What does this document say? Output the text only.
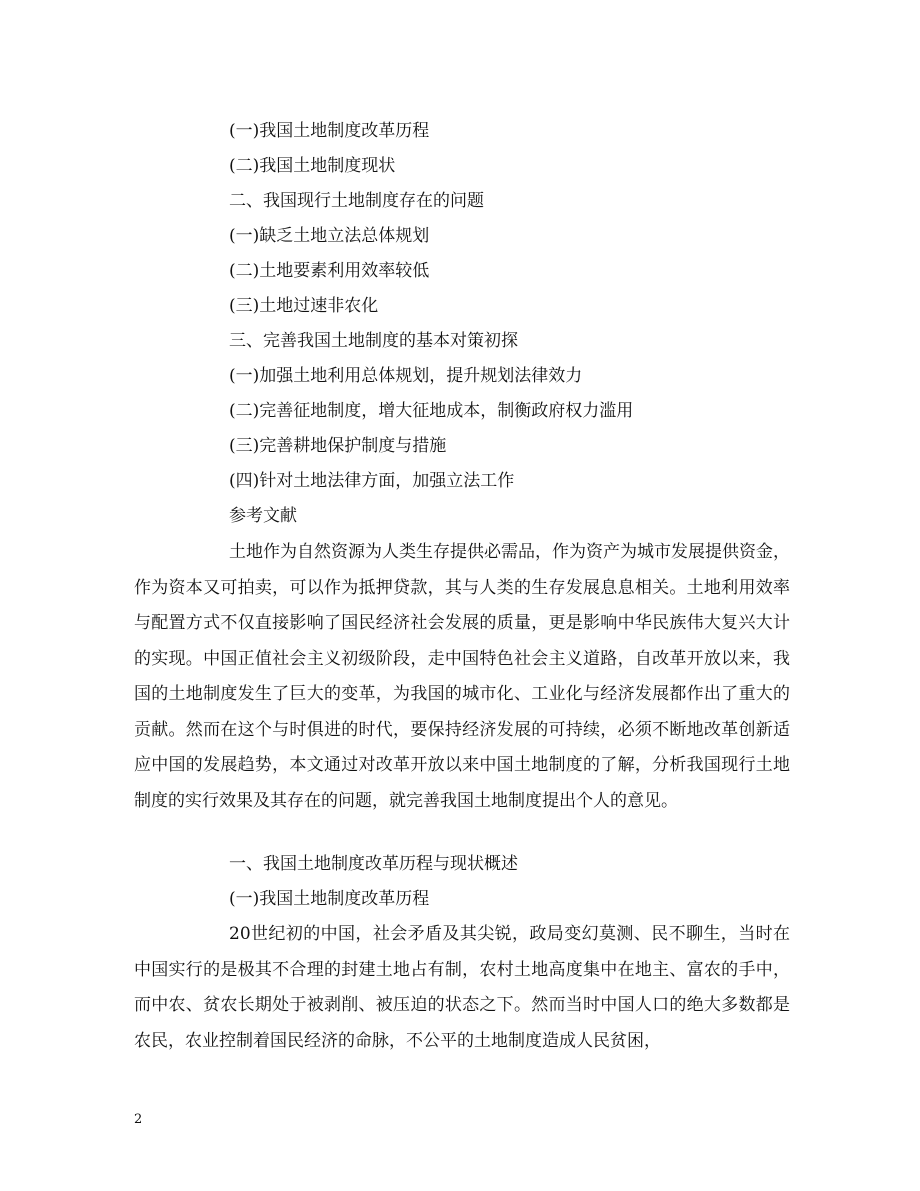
(一)我国土地制度改革历程
(二)我国土地制度现状
二、我国现行土地制度存在的问题
(一)缺乏土地立法总体规划
(二)土地要素利用效率较低
(三)土地过速非农化
三、完善我国土地制度的基本对策初探
(一)加强土地利用总体规划，提升规划法律效力
(二)完善征地制度，增大征地成本，制衡政府权力滥用
(三)完善耕地保护制度与措施
(四)针对土地法律方面，加强立法工作
参考文献

土地作为自然资源为人类生存提供必需品，作为资产为城市发展提供资金，作为资本又可拍卖，可以作为抵押贷款，其与人类的生存发展息息相关。土地利用效率与配置方式不仅直接影响了国民经济社会发展的质量，更是影响中华民族伟大复兴大计的实现。中国正值社会主义初级阶段，走中国特色社会主义道路，自改革开放以来，我国的土地制度发生了巨大的变革，为我国的城市化、工业化与经济发展都作出了重大的贡献。然而在这个与时俱进的时代，要保持经济发展的可持续，必须不断地改革创新适应中国的发展趋势，本文通过对改革开放以来中国土地制度的了解，分析我国现行土地制度的实行效果及其存在的问题，就完善我国土地制度提出个人的意见。

一、我国土地制度改革历程与现状概述
(一)我国土地制度改革历程

20世纪初的中国，社会矛盾及其尖锐，政局变幻莫测、民不聊生，当时在中国实行的是极其不合理的封建土地占有制，农村土地高度集中在地主、富农的手中，而中农、贫农长期处于被剥削、被压迫的状态之下。然而当时中国人口的绝大多数都是农民，农业控制着国民经济的命脉，不公平的土地制度造成人民贫困，

2
